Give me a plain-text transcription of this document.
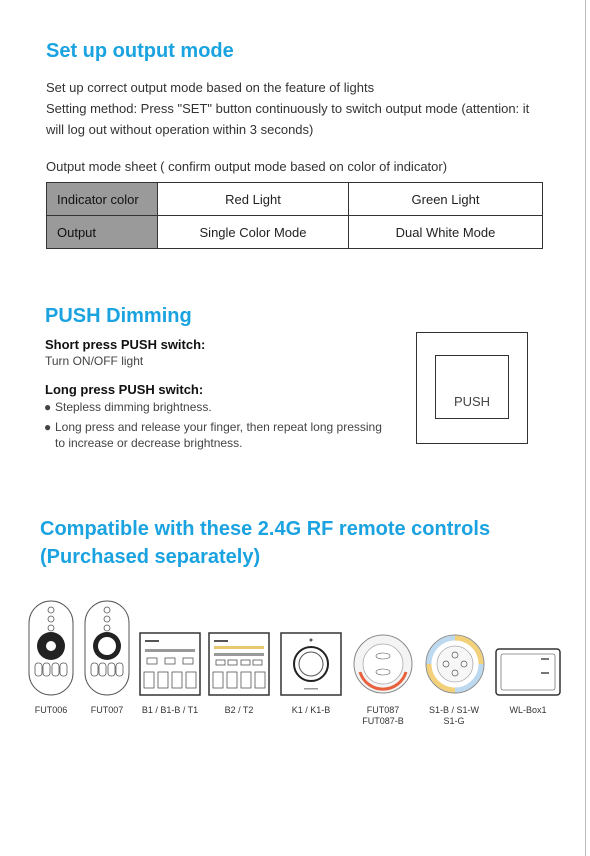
Set up output mode
Set up correct output mode based on the feature of lights
Setting method: Press "SET" button continuously to switch output mode (attention: it
will log out without operation within 3 seconds)
Output mode sheet ( confirm output mode based on color of indicator)
Indicator color	Red Light	Green Light
Output	Single Color Mode	Dual White Mode
PUSH Dimming
Short press PUSH switch:
Turn ON/OFF light
Long press PUSH switch:
● Stepless dimming brightness.
● Long press and release your finger, then repeat long pressing
to increase or decrease brightness.
PUSH
Compatible with these 2.4G RF remote controls
(Purchased separately)
FUT006	FUT007	B1 / B1-B / T1	B2 / T2	K1 / K1-B	FUT087
FUT087-B
S1-B / S1-W
S1-G
WL-Box1
